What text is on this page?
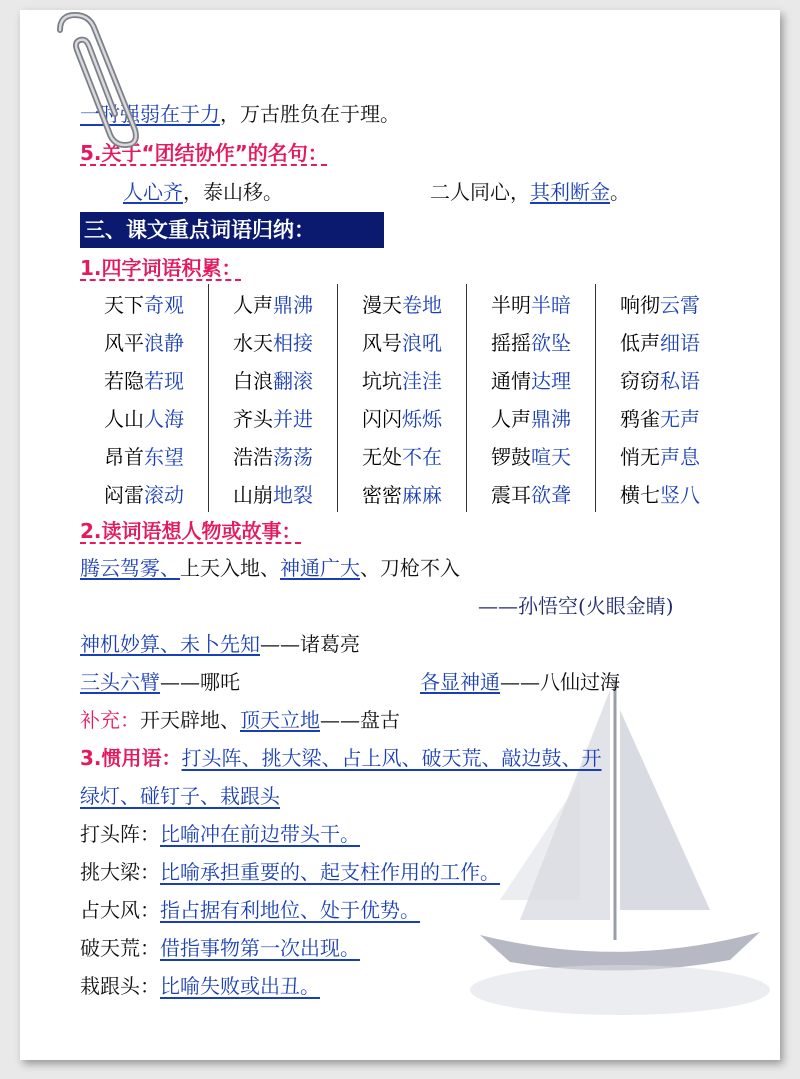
一时强弱在于力，万古胜负在于理。
5.关于“团结协作”的名句：
人心齐，泰山移。	二人同心，其利断金。
三、课文重点词语归纳：
1.四字词语积累：
天下奇观	人声鼎沸	漫天卷地	半明半暗	响彻云霄
风平浪静	水天相接	风号浪吼	摇摇欲坠	低声细语
若隐若现	白浪翻滚	坑坑洼洼	通情达理	窃窃私语
人山人海	齐头并进	闪闪烁烁	人声鼎沸	鸦雀无声
昂首东望	浩浩荡荡	无处不在	锣鼓喧天	悄无声息
闷雷滚动	山崩地裂	密密麻麻	震耳欲聋	横七竖八
2.读词语想人物或故事：
腾云驾雾、上天入地、神通广大、刀枪不入
——孙悟空(火眼金睛)
神机妙算、未卜先知——诸葛亮
三头六臂——哪吒	各显神通——八仙过海
补充：开天辟地、顶天立地——盘古
3.惯用语：打头阵、挑大梁、占上风、破天荒、敲边鼓、开
绿灯、碰钉子、栽跟头
打头阵：比喻冲在前边带头干。
挑大梁：比喻承担重要的、起支柱作用的工作。
占大风：指占据有利地位、处于优势。
破天荒：借指事物第一次出现。
栽跟头：比喻失败或出丑。
